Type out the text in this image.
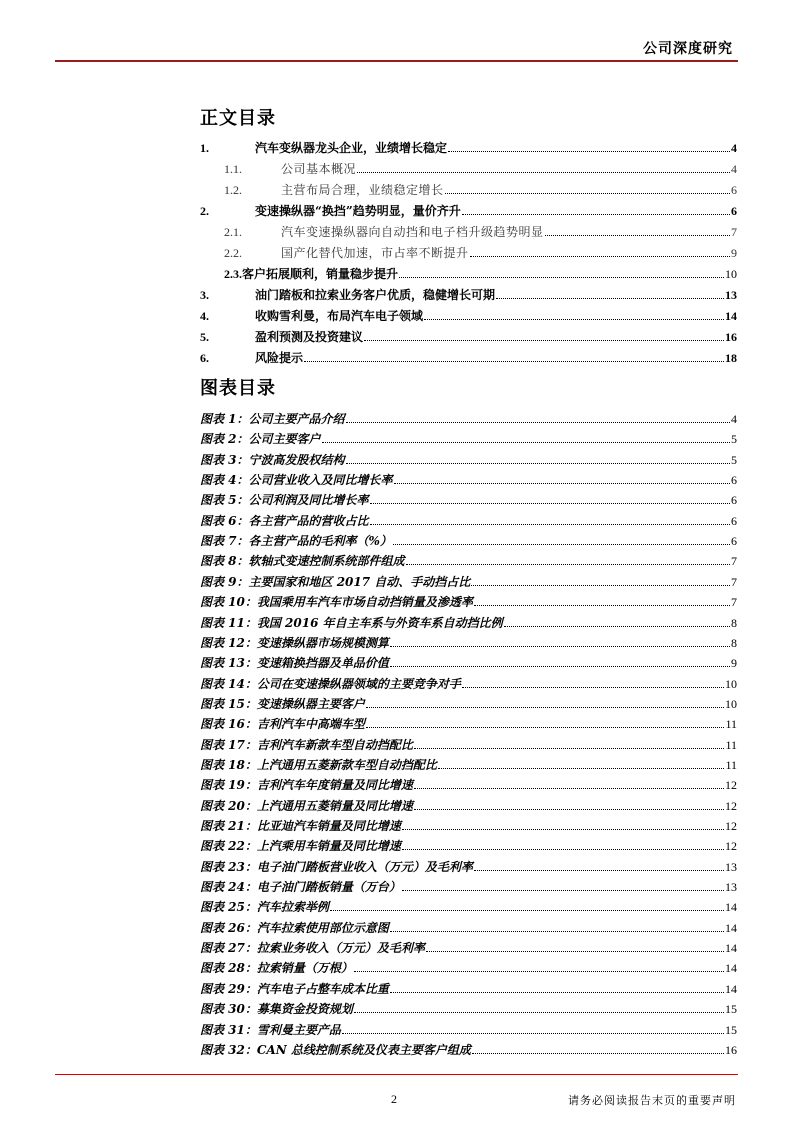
公司深度研究
正文目录
1.	汽车变纵器龙头企业，业绩增长稳定	4
1.1.	公司基本概况	4
1.2.	主营布局合理，业绩稳定增长	6
2.	变速操纵器“换挡”趋势明显，量价齐升	6
2.1.	汽车变速操纵器向自动挡和电子档升级趋势明显	7
2.2.	国产化替代加速，市占率不断提升	9
2.3. 客户拓展顺利，销量稳步提升	10
3.	油门踏板和拉索业务客户优质，稳健增长可期	13
4.	收购雪利曼，布局汽车电子领域	14
5.	盈利预测及投资建议	16
6.	风险提示	18
图表目录
图表 1：公司主要产品介绍	4
图表 2：公司主要客户	5
图表 3：宁波高发股权结构	5
图表 4：公司营业收入及同比增长率	6
图表 5：公司利润及同比增长率	6
图表 6：各主营产品的营收占比	6
图表 7：各主营产品的毛利率（%）	6
图表 8：软轴式变速控制系统部件组成	7
图表 9：主要国家和地区 2017 自动、手动挡占比	7
图表 10：我国乘用车汽车市场自动挡销量及渗透率	7
图表 11：我国 2016 年自主车系与外资车系自动挡比例	8
图表 12：变速操纵器市场规模测算	8
图表 13：变速箱换挡器及单品价值	9
图表 14：公司在变速操纵器领域的主要竞争对手	10
图表 15：变速操纵器主要客户	10
图表 16：吉利汽车中高端车型	11
图表 17：吉利汽车新款车型自动挡配比	11
图表 18：上汽通用五菱新款车型自动挡配比	11
图表 19：吉利汽车年度销量及同比增速	12
图表 20：上汽通用五菱销量及同比增速	12
图表 21：比亚迪汽车销量及同比增速	12
图表 22：上汽乘用车销量及同比增速	12
图表 23：电子油门踏板营业收入（万元）及毛利率	13
图表 24：电子油门踏板销量（万台）	13
图表 25：汽车拉索举例	14
图表 26：汽车拉索使用部位示意图	14
图表 27：拉索业务收入（万元）及毛利率	14
图表 28：拉索销量（万根）	14
图表 29：汽车电子占整车成本比重	14
图表 30：募集资金投资规划	15
图表 31：雪利曼主要产品	15
图表 32：CAN 总线控制系统及仪表主要客户组成	16
2	请务必阅读报告末页的重要声明
